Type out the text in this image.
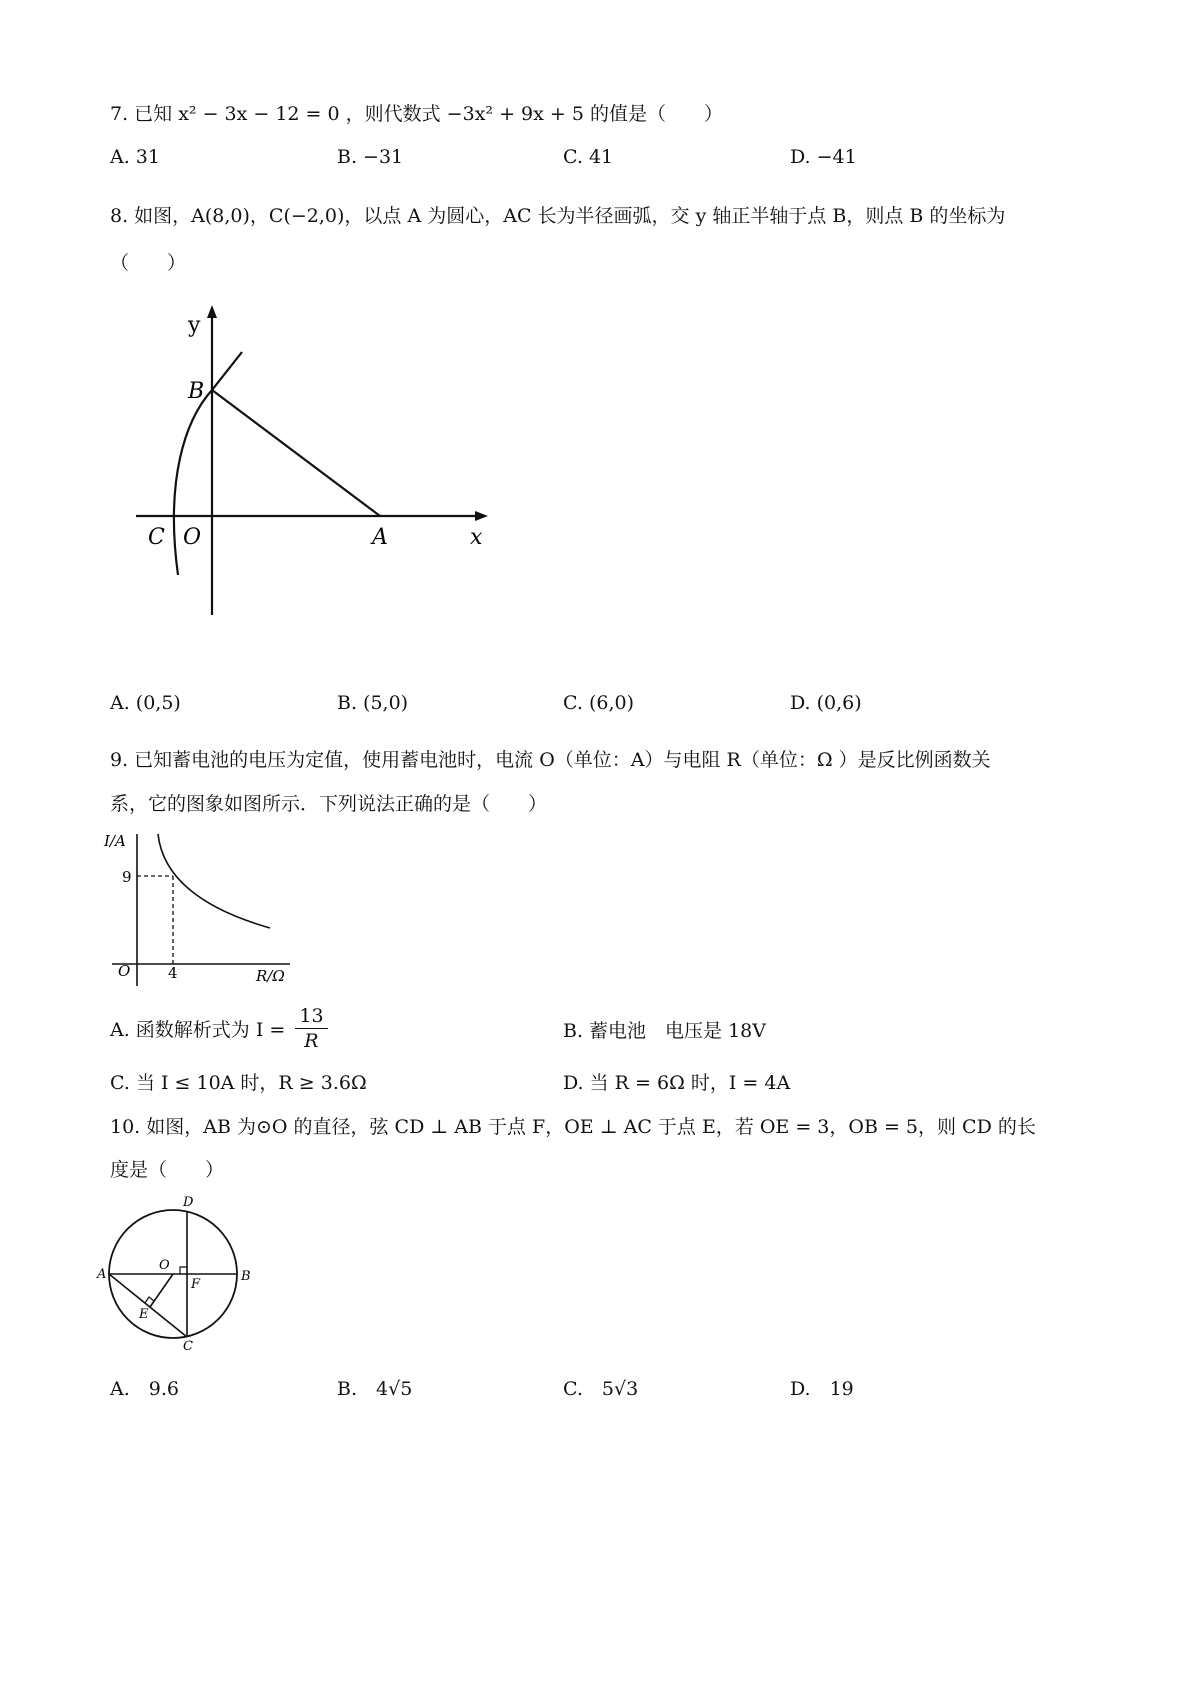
7. 已知 x² − 3x − 12 = 0 ，则代数式 −3x² + 9x + 5 的值是（　　）
A. 31	B. −31	C. 41	D. −41
8. 如图，A(8,0)，C(−2,0)，以点 A 为圆心，AC 长为半径画弧，交 y 轴正半轴于点 B，则点 B 的坐标为
（　　）
y
B
C O	A	x
A. (0,5)	B. (5,0)	C. (6,0)	D. (0,6)
9. 已知蓄电池的电压为定值，使用蓄电池时，电流 O（单位：A）与电阻 R（单位：Ω ）是反比例函数关
系，它的图象如图所示．下列说法正确的是（　　）
I/A
9
O	4	R/Ω
A. 函数解析式为 $I = \frac{13}{R}$	B. 蓄电池　电压是 18V
C. 当 I ≤ 10A 时，R ≥ 3.6Ω	D. 当 R = 6Ω 时，I = 4A
10. 如图，AB 为⊙O 的直径，弦 CD ⊥ AB 于点 F，OE ⊥ AC 于点 E，若 OE = 3，OB = 5，则 CD 的长
度是（　　）
D
A
O
F
B
E
C
A.　9.6	B.　4√5	C.　5√3	D.　19
